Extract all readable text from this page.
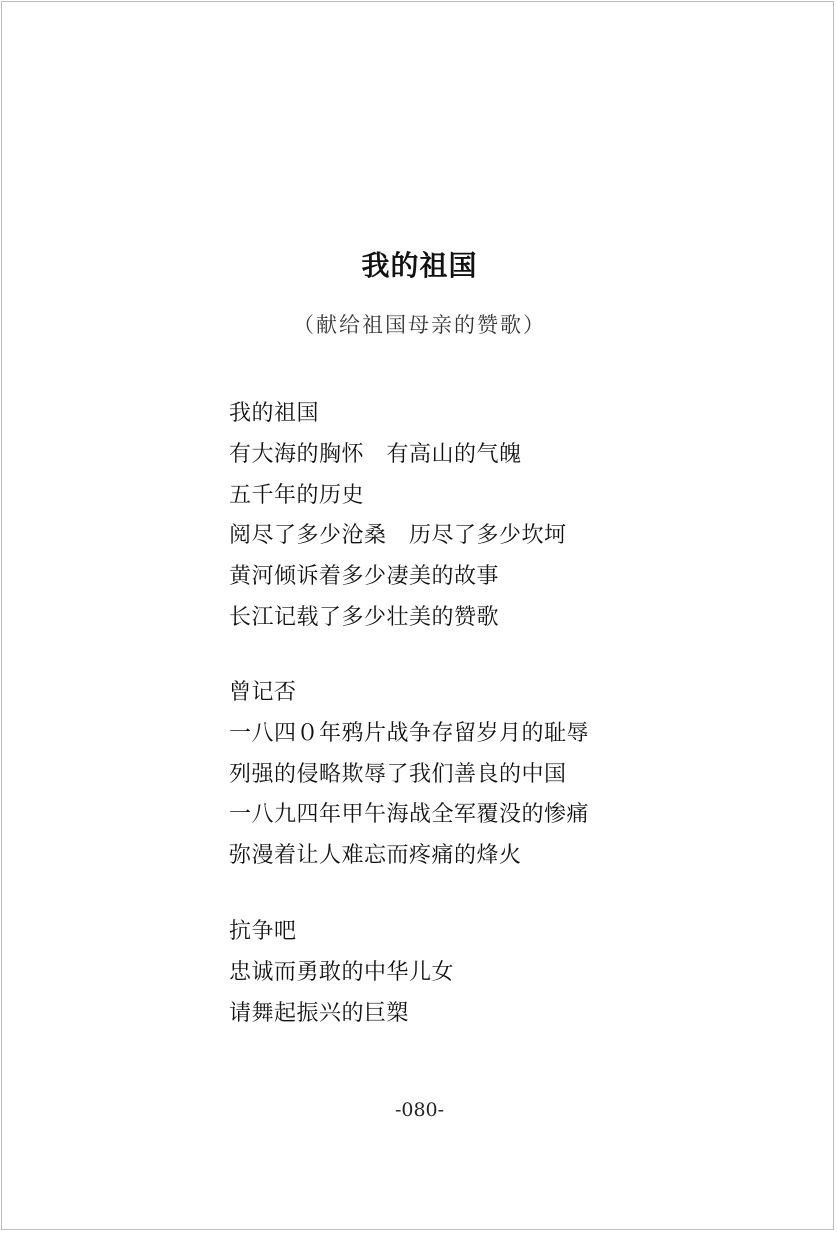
我的祖国
（献给祖国母亲的赞歌）
我的祖国
有大海的胸怀　有高山的气魄
五千年的历史
阅尽了多少沧桑　历尽了多少坎坷
黄河倾诉着多少凄美的故事
长江记载了多少壮美的赞歌
曾记否
一八四０年鸦片战争存留岁月的耻辱
列强的侵略欺辱了我们善良的中国
一八九四年甲午海战全军覆没的惨痛
弥漫着让人难忘而疼痛的烽火
抗争吧
忠诚而勇敢的中华儿女
请舞起振兴的巨槊
-080-
